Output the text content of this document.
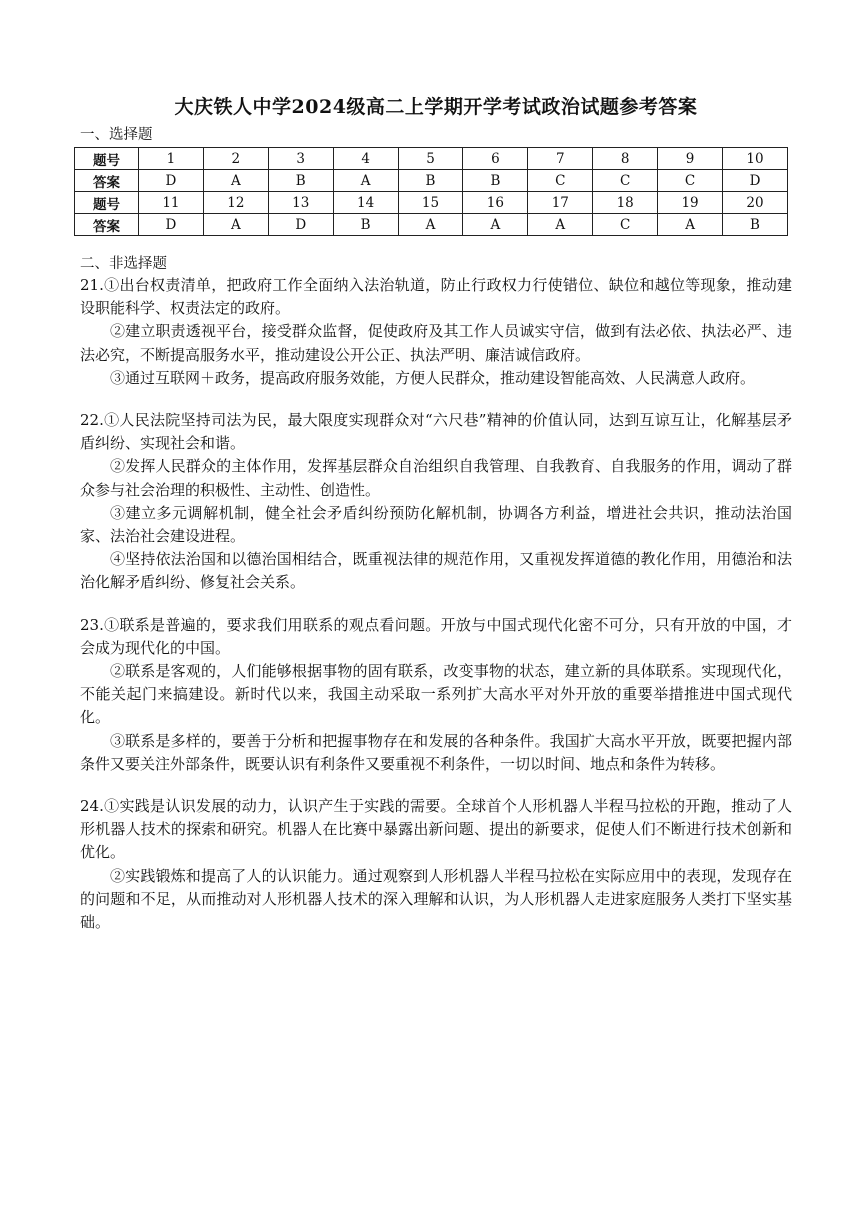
大庆铁人中学2024级高二上学期开学考试政治试题参考答案
一、选择题
题号	1	2	3	4	5	6	7	8	9	10
答案	D	A	B	A	B	B	C	C	C	D
题号	11	12	13	14	15	16	17	18	19	20
答案	D	A	D	B	A	A	A	C	A	B
二、非选择题

21.①出台权责清单，把政府工作全面纳入法治轨道，防止行政权力行使错位、缺位和越位等现象，推动建设职能科学、权责法定的政府。

②建立职责透视平台，接受群众监督，促使政府及其工作人员诚实守信，做到有法必依、执法必严、违法必究，不断提高服务水平，推动建设公开公正、执法严明、廉洁诚信政府。

③通过互联网＋政务，提高政府服务效能，方便人民群众，推动建设智能高效、人民满意人政府。

22.①人民法院坚持司法为民，最大限度实现群众对“六尺巷”精神的价值认同，达到互谅互让，化解基层矛盾纠纷、实现社会和谐。

②发挥人民群众的主体作用，发挥基层群众自治组织自我管理、自我教育、自我服务的作用，调动了群众参与社会治理的积极性、主动性、创造性。

③建立多元调解机制，健全社会矛盾纠纷预防化解机制，协调各方利益，增进社会共识，推动法治国家、法治社会建设进程。

④坚持依法治国和以德治国相结合，既重视法律的规范作用，又重视发挥道德的教化作用，用德治和法治化解矛盾纠纷、修复社会关系。

23.①联系是普遍的，要求我们用联系的观点看问题。开放与中国式现代化密不可分，只有开放的中国，才会成为现代化的中国。

②联系是客观的，人们能够根据事物的固有联系，改变事物的状态，建立新的具体联系。实现现代化，不能关起门来搞建设。新时代以来，我国主动采取一系列扩大高水平对外开放的重要举措推进中国式现代化。

③联系是多样的，要善于分析和把握事物存在和发展的各种条件。我国扩大高水平开放，既要把握内部条件又要关注外部条件，既要认识有利条件又要重视不利条件，一切以时间、地点和条件为转移。

24.①实践是认识发展的动力，认识产生于实践的需要。全球首个人形机器人半程马拉松的开跑，推动了人形机器人技术的探索和研究。机器人在比赛中暴露出新问题、提出的新要求，促使人们不断进行技术创新和优化。

②实践锻炼和提高了人的认识能力。通过观察到人形机器人半程马拉松在实际应用中的表现，发现存在的问题和不足，从而推动对人形机器人技术的深入理解和认识，为人形机器人走进家庭服务人类打下坚实基础。
